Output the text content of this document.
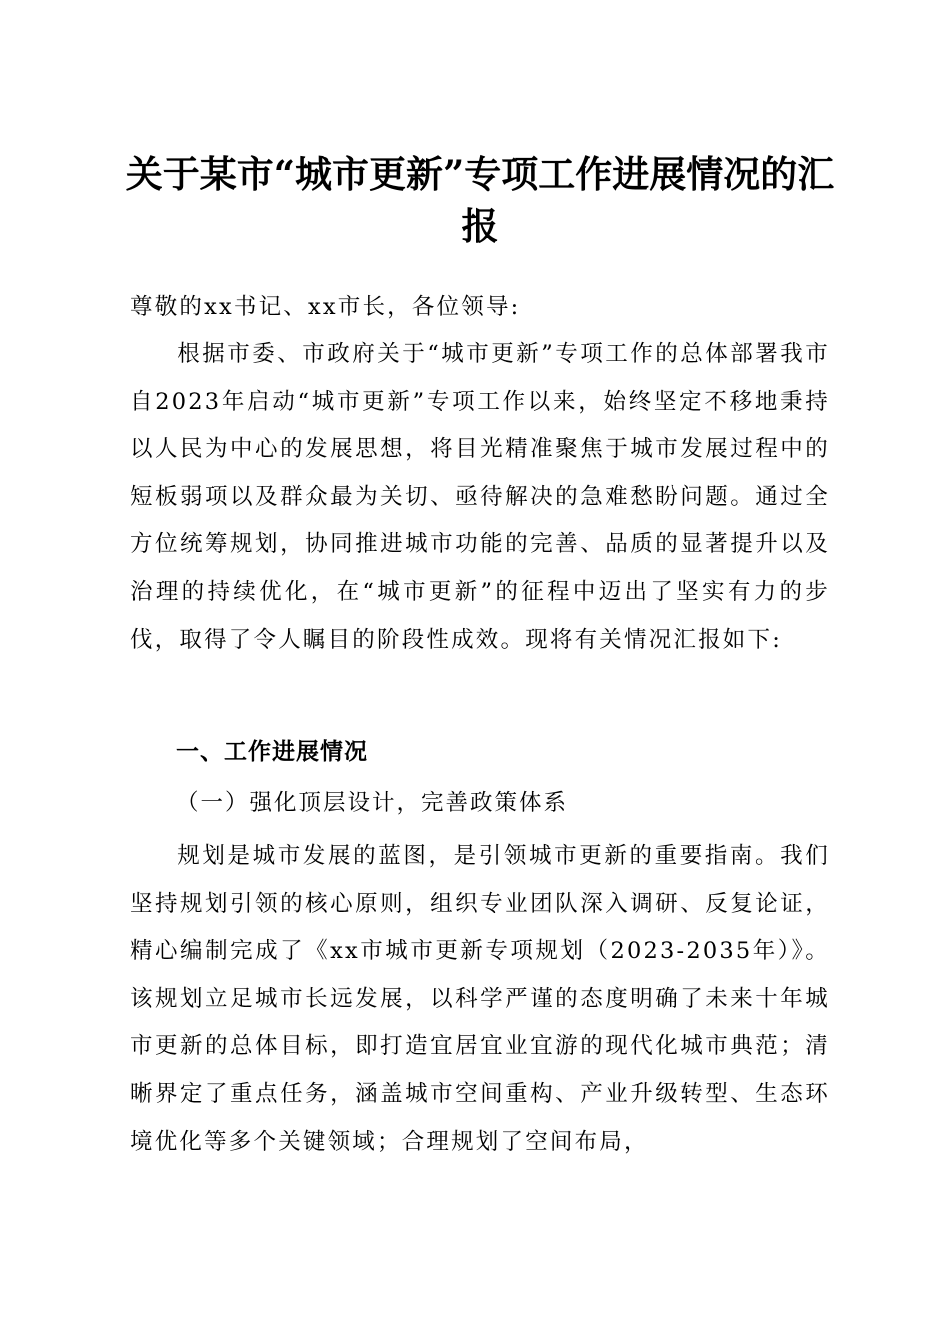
关于某市“城市更新”专项工作进展情况的汇报
尊敬的xx书记、xx市长，各位领导:
根据市委、市政府关于“城市更新”专项工作的总体部署我市自2023年启动“城市更新”专项工作以来，始终坚定不移地秉持以人民为中心的发展思想，将目光精准聚焦于城市发展过程中的短板弱项以及群众最为关切、亟待解决的急难愁盼问题。通过全方位统筹规划，协同推进城市功能的完善、品质的显著提升以及治理的持续优化，在“城市更新”的征程中迈出了坚实有力的步伐，取得了令人瞩目的阶段性成效。现将有关情况汇报如下:
一、工作进展情况
（一）强化顶层设计，完善政策体系
规划是城市发展的蓝图，是引领城市更新的重要指南。我们坚持规划引领的核心原则，组织专业团队深入调研、反复论证，精心编制完成了《xx市城市更新专项规划（2023-2035年）》。该规划立足城市长远发展，以科学严谨的态度明确了未来十年城市更新的总体目标，即打造宜居宜业宜游的现代化城市典范；清晰界定了重点任务，涵盖城市空间重构、产业升级转型、生态环境优化等多个关键领域；合理规划了空间布局，
